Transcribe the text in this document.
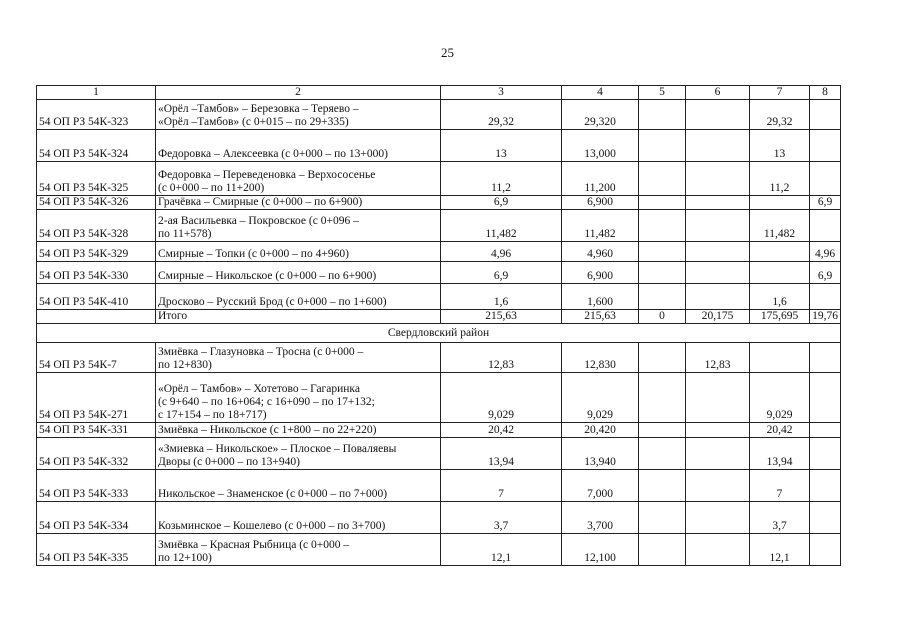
25
1	2	3	4	5	6	7	8
54 ОП РЗ 54К-323	«Орёл –Тамбов» – Березовка – Теряево –
«Орёл –Тамбов» (с 0+015 – по 29+335)	29,32	29,320			29,32	
54 ОП РЗ 54К-324	Федоровка – Алексеевка (с 0+000 – по 13+000)	13	13,000			13	
54 ОП РЗ 54К-325	Федоровка – Переведеновка – Верхососенье
(с 0+000 – по 11+200)	11,2	11,200			11,2	
54 ОП РЗ 54К-326	Грачёвка – Смирные (с 0+000 – по 6+900)	6,9	6,900				6,9
54 ОП РЗ 54К-328	2-ая Васильевка – Покровское (с 0+096 –
по 11+578)	11,482	11,482			11,482	
54 ОП РЗ 54К-329	Смирные – Топки (с 0+000 – по 4+960)	4,96	4,960				4,96
54 ОП РЗ 54К-330	Смирные – Никольское (с 0+000 – по 6+900)	6,9	6,900				6,9
54 ОП РЗ 54К-410	Дросково – Русский Брод (с 0+000 – по 1+600)	1,6	1,600			1,6	
	Итого	215,63	215,63	0	20,175	175,695	19,76
Свердловский район							
54 ОП РЗ 54К-7	Змиёвка – Глазуновка – Тросна (с 0+000 –
по 12+830)	12,83	12,830		12,83		
54 ОП РЗ 54К-271	«Орёл – Тамбов» – Хотетово – Гагаринка
(с 9+640 – по 16+064; с 16+090 – по 17+132;
с 17+154 – по 18+717)	9,029	9,029			9,029	
54 ОП РЗ 54К-331	Змиёвка – Никольское (с 1+800 – по 22+220)	20,42	20,420			20,42	
54 ОП РЗ 54К-332	«Змиевка – Никольское» – Плоское – Поваляевы
Дворы (с 0+000 – по 13+940)	13,94	13,940			13,94	
54 ОП РЗ 54К-333	Никольское – Знаменское (с 0+000 – по 7+000)	7	7,000			7	
54 ОП РЗ 54К-334	Козьминское – Кошелево (с 0+000 – по 3+700)	3,7	3,700			3,7	
54 ОП РЗ 54К-335	Змиёвка – Красная Рыбница (с 0+000 –
по 12+100)	12,1	12,100			12,1	
